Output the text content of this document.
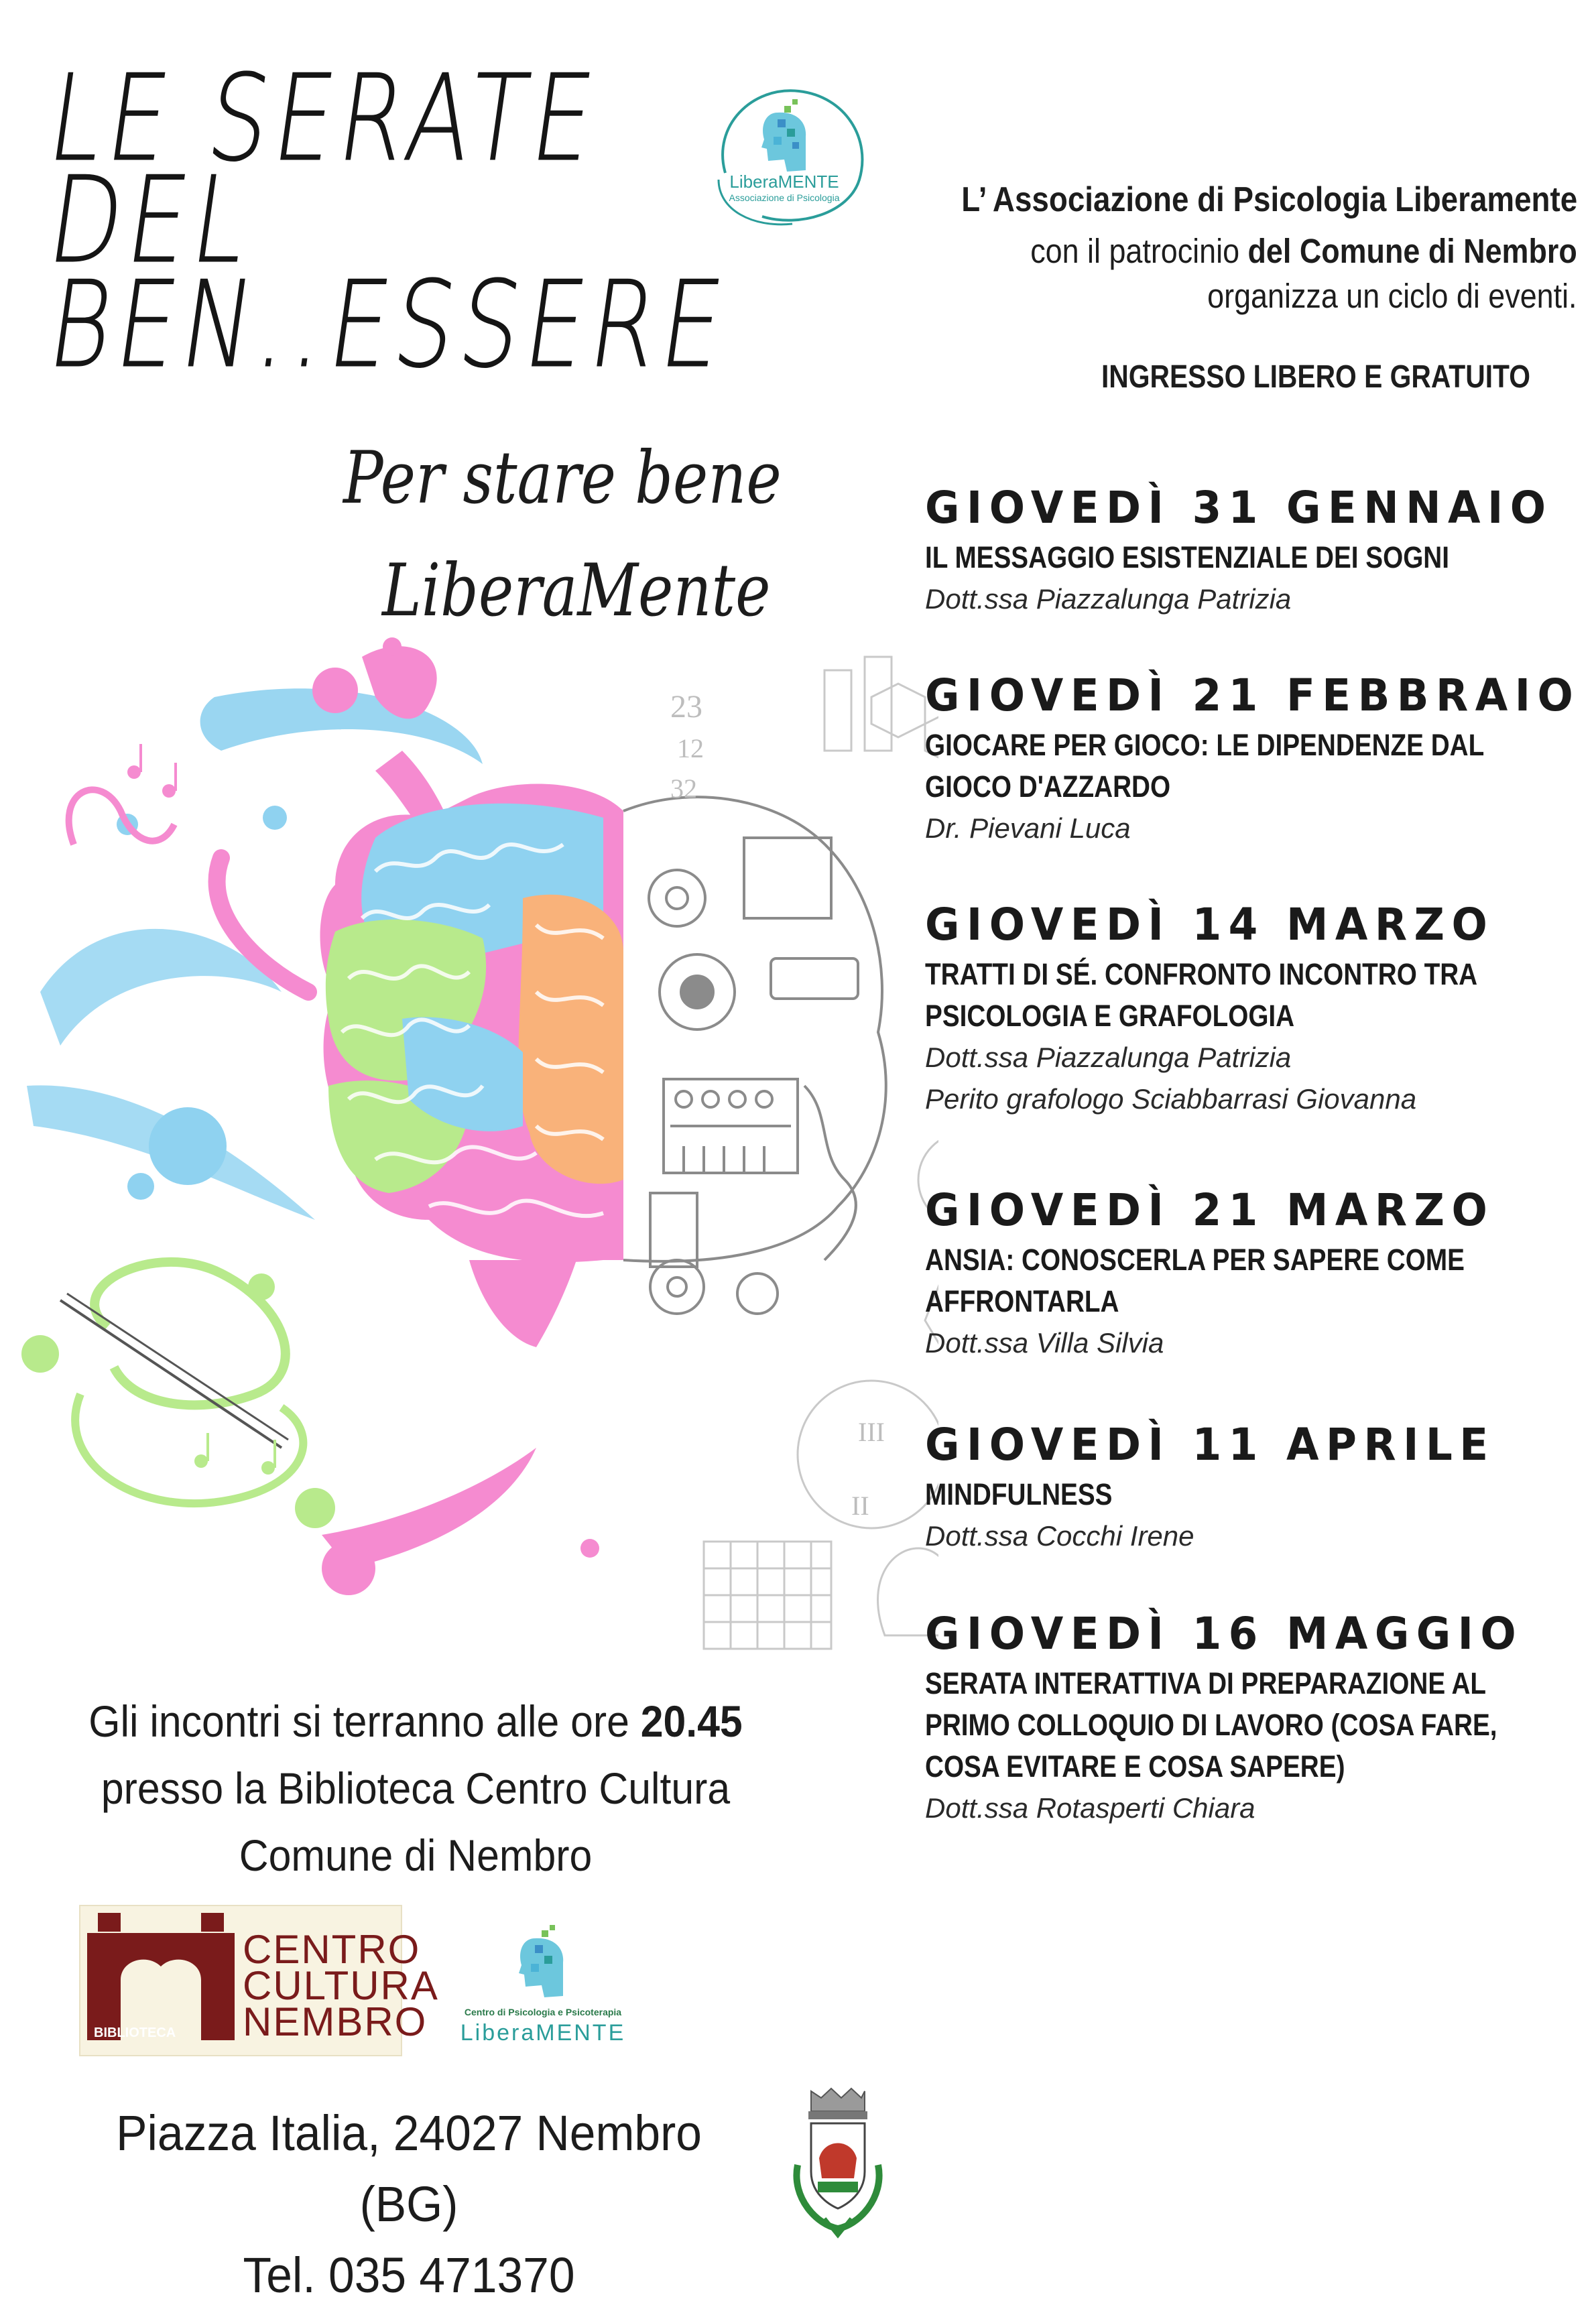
LE SERATE
DEL
BEN..ESSERE
Per stare bene
LiberaMente
LiberaMENTE
Associazione di Psicologia	L’ Associazione di Psicologia Liberamente
con il patrocinio del Comune di Nembro
organizza un ciclo di eventi.
INGRESSO LIBERO E GRATUITO
23
12
32
III
II
GIOVEDÌ 31 GENNAIO
IL MESSAGGIO ESISTENZIALE DEI SOGNI
Dott.ssa Piazzalunga Patrizia
GIOVEDÌ 21 FEBBRAIO
GIOCARE PER GIOCO: LE DIPENDENZE DAL GIOCO D'AZZARDO
Dr. Pievani Luca
GIOVEDÌ 14 MARZO
TRATTI DI SÉ. CONFRONTO INCONTRO TRA PSICOLOGIA E GRAFOLOGIA
Dott.ssa Piazzalunga Patrizia
Perito grafologo Sciabbarrasi Giovanna
GIOVEDÌ 21 MARZO
ANSIA: CONOSCERLA PER SAPERE COME AFFRONTARLA
Dott.ssa Villa Silvia
GIOVEDÌ 11 APRILE
MINDFULNESS
Dott.ssa Cocchi Irene
GIOVEDÌ 16 MAGGIO
SERATA INTERATTIVA DI PREPARAZIONE AL PRIMO COLLOQUIO DI LAVORO (COSA FARE, COSA EVITARE E COSA SAPERE)
Dott.ssa Rotasperti Chiara
Gli incontri si terranno alle ore 20.45
presso la Biblioteca Centro Cultura
Comune di Nembro
BIBLIOTECA
CENTRO
CULTURA
NEMBRO	Centro di Psicologia e Psicoterapia
LiberaMENTE
Piazza Italia, 24027 Nembro (BG)
Tel. 035 471370
